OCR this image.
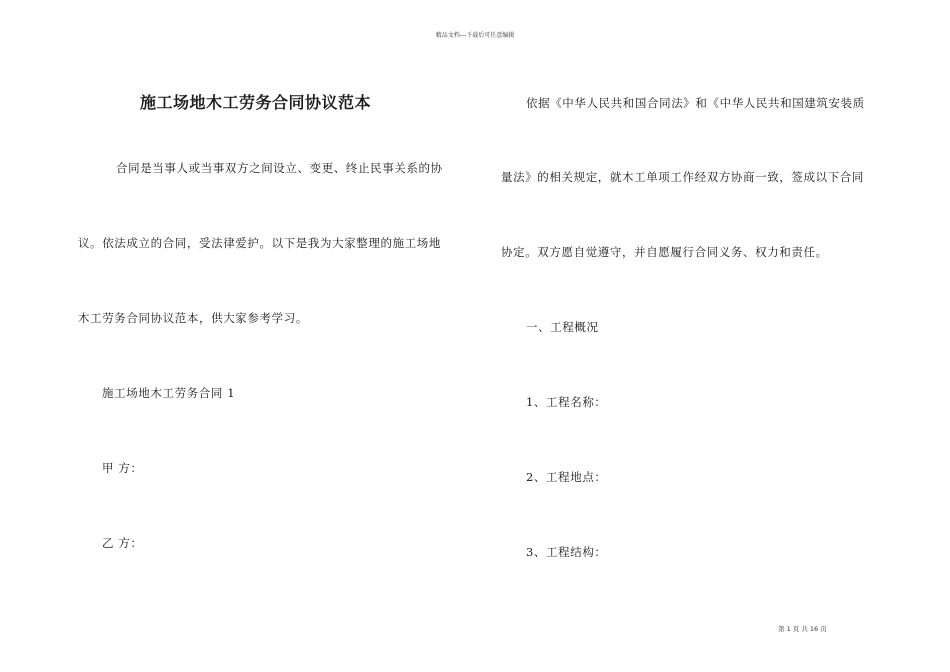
精品文档---下载后可任意编辑
施工场地木工劳务合同协议范本
合同是当事人或当事双方之间设立、变更、终止民事关系的协
议。依法成立的合同，受法律爱护。以下是我为大家整理的施工场地
木工劳务合同协议范本，供大家参考学习。
施工场地木工劳务合同 1
甲 方：
乙 方：
依据《中华人民共和国合同法》和《中华人民共和国建筑安装质
量法》的相关规定，就木工单项工作经双方协商一致，签成以下合同
协定。双方愿自觉遵守，并自愿履行合同义务、权力和责任。
一、工程概况
1、工程名称：
2、工程地点：
3、工程结构：
第 1 页 共 16 页
